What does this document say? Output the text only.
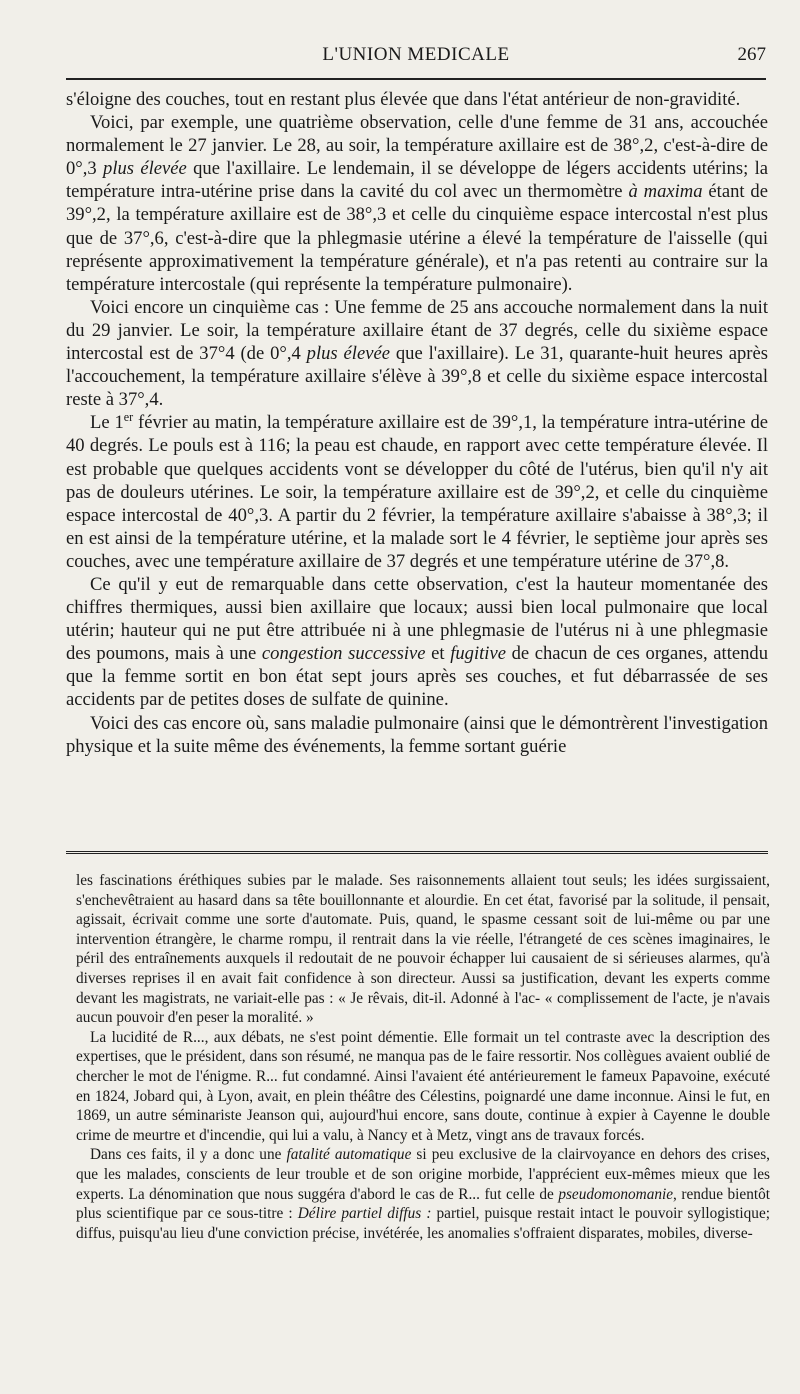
L'UNION MEDICALE	267

s'éloigne des couches, tout en restant plus élevée que dans l'état antérieur de non-gravidité.

Voici, par exemple, une quatrième observation, celle d'une femme de 31 ans, accouchée normalement le 27 janvier. Le 28, au soir, la température axillaire est de 38°,2, c'est-à-dire de 0°,3 plus élevée que l'axillaire. Le lendemain, il se développe de légers accidents utérins; la température intra-utérine prise dans la cavité du col avec un thermomètre à maxima étant de 39°,2, la température axillaire est de 38°,3 et celle du cinquième espace intercostal n'est plus que de 37°,6, c'est-à-dire que la phlegmasie utérine a élevé la température de l'aisselle (qui représente approximativement la température générale), et n'a pas retenti au contraire sur la température intercostale (qui représente la température pulmonaire).

Voici encore un cinquième cas : Une femme de 25 ans accouche normalement dans la nuit du 29 janvier. Le soir, la température axillaire étant de 37 degrés, celle du sixième espace intercostal est de 37°4 (de 0°,4 plus élevée que l'axillaire). Le 31, quarante-huit heures après l'accouchement, la température axillaire s'élève à 39°,8 et celle du sixième espace intercostal reste à 37°,4.

Le 1er février au matin, la température axillaire est de 39°,1, la température intra-utérine de 40 degrés. Le pouls est à 116; la peau est chaude, en rapport avec cette température élevée. Il est probable que quelques accidents vont se développer du côté de l'utérus, bien qu'il n'y ait pas de douleurs utérines. Le soir, la température axillaire est de 39°,2, et celle du cinquième espace intercostal de 40°,3. A partir du 2 février, la température axillaire s'abaisse à 38°,3; il en est ainsi de la température utérine, et la malade sort le 4 février, le septième jour après ses couches, avec une température axillaire de 37 degrés et une température utérine de 37°,8.

Ce qu'il y eut de remarquable dans cette observation, c'est la hauteur momentanée des chiffres thermiques, aussi bien axillaire que locaux; aussi bien local pulmonaire que local utérin; hauteur qui ne put être attribuée ni à une phlegmasie de l'utérus ni à une phlegmasie des poumons, mais à une congestion successive et fugitive de chacun de ces organes, attendu que la femme sortit en bon état sept jours après ses couches, et fut débarrassée de ses accidents par de petites doses de sulfate de quinine.

Voici des cas encore où, sans maladie pulmonaire (ainsi que le démontrèrent l'investigation physique et la suite même des événements, la femme sortant guérie

les fascinations éréthiques subies par le malade. Ses raisonnements allaient tout seuls; les idées surgissaient, s'enchevêtraient au hasard dans sa tête bouillonnante et alourdie. En cet état, favorisé par la solitude, il pensait, agissait, écrivait comme une sorte d'automate. Puis, quand, le spasme cessant soit de lui-même ou par une intervention étrangère, le charme rompu, il rentrait dans la vie réelle, l'étrangeté de ces scènes imaginaires, le péril des entraînements auxquels il redoutait de ne pouvoir échapper lui causaient de si sérieuses alarmes, qu'à diverses reprises il en avait fait confidence à son directeur. Aussi sa justification, devant les experts comme devant les magistrats, ne variait-elle pas : « Je rêvais, dit-il. Adonné à l'ac- « complissement de l'acte, je n'avais aucun pouvoir d'en peser la moralité. »

La lucidité de R..., aux débats, ne s'est point démentie. Elle formait un tel contraste avec la description des expertises, que le président, dans son résumé, ne manqua pas de le faire ressortir. Nos collègues avaient oublié de chercher le mot de l'énigme. R... fut condamné. Ainsi l'avaient été antérieurement le fameux Papavoine, exécuté en 1824, Jobard qui, à Lyon, avait, en plein théâtre des Célestins, poignardé une dame inconnue. Ainsi le fut, en 1869, un autre séminariste Jeanson qui, aujourd'hui encore, sans doute, continue à expier à Cayenne le double crime de meurtre et d'incendie, qui lui a valu, à Nancy et à Metz, vingt ans de travaux forcés.

Dans ces faits, il y a donc une fatalité automatique si peu exclusive de la clairvoyance en dehors des crises, que les malades, conscients de leur trouble et de son origine morbide, l'apprécient eux-mêmes mieux que les experts. La dénomination que nous suggéra d'abord le cas de R... fut celle de pseudomonomanie, rendue bientôt plus scientifique par ce sous-titre : Délire partiel diffus : partiel, puisque restait intact le pouvoir syllogistique; diffus, puisqu'au lieu d'une conviction précise, invétérée, les anomalies s'offraient disparates, mobiles, diverse-
